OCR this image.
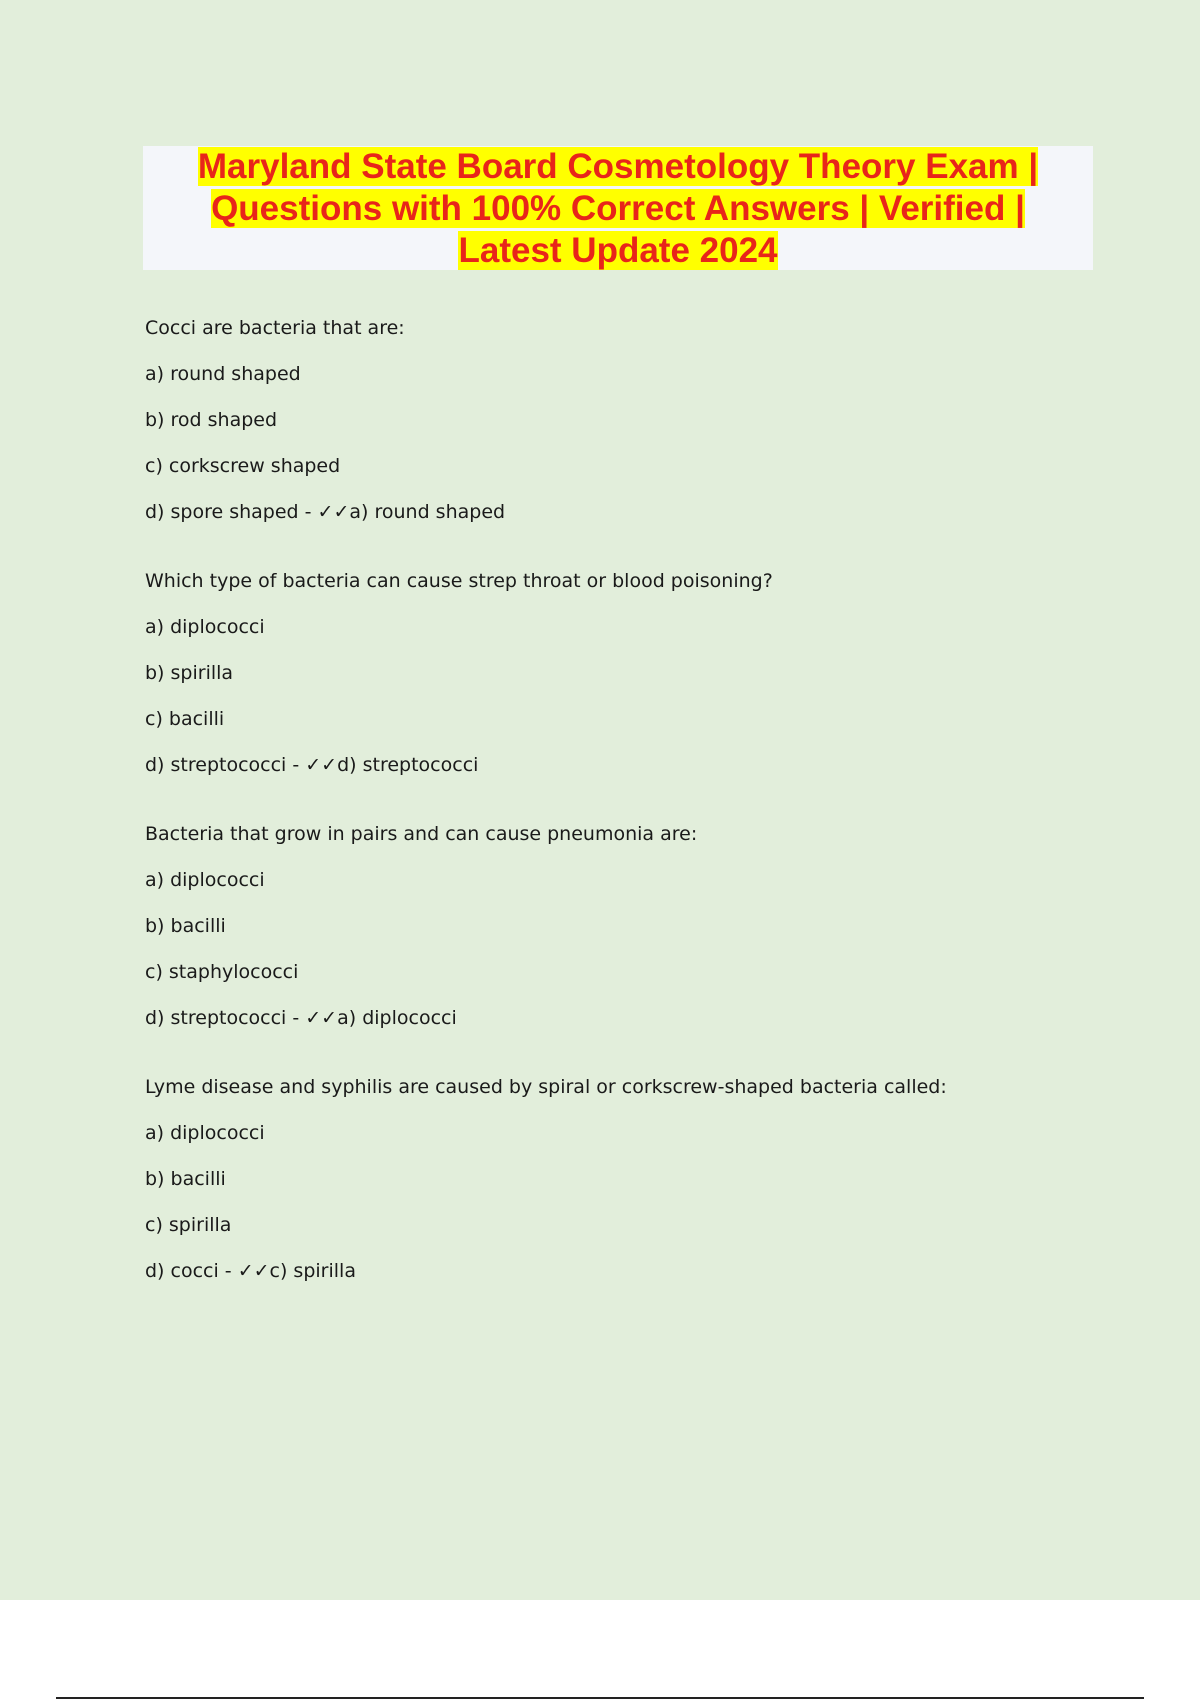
Maryland State Board Cosmetology Theory Exam |
Questions with 100% Correct Answers | Verified |
Latest Update 2024
Cocci are bacteria that are:
a) round shaped
b) rod shaped
c) corkscrew shaped
d) spore shaped - ✓✓a) round shaped
Which type of bacteria can cause strep throat or blood poisoning?
a) diplococci
b) spirilla
c) bacilli
d) streptococci - ✓✓d) streptococci
Bacteria that grow in pairs and can cause pneumonia are:
a) diplococci
b) bacilli
c) staphylococci
d) streptococci - ✓✓a) diplococci
Lyme disease and syphilis are caused by spiral or corkscrew-shaped bacteria called:
a) diplococci
b) bacilli
c) spirilla
d) cocci - ✓✓c) spirilla
